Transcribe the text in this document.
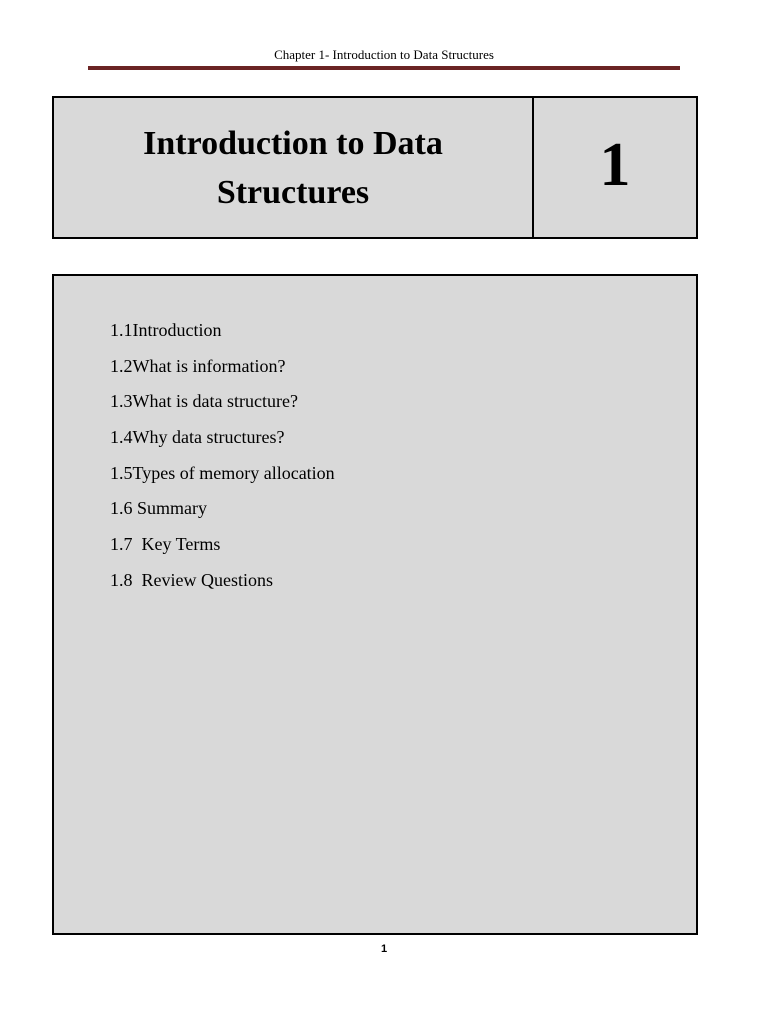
Chapter 1- Introduction to Data Structures
Introduction to Data Structures	1
1.1Introduction
1.2What is information?
1.3What is data structure?
1.4Why data structures?
1.5Types of memory allocation
1.6 Summary
1.7  Key Terms
1.8  Review Questions
1
